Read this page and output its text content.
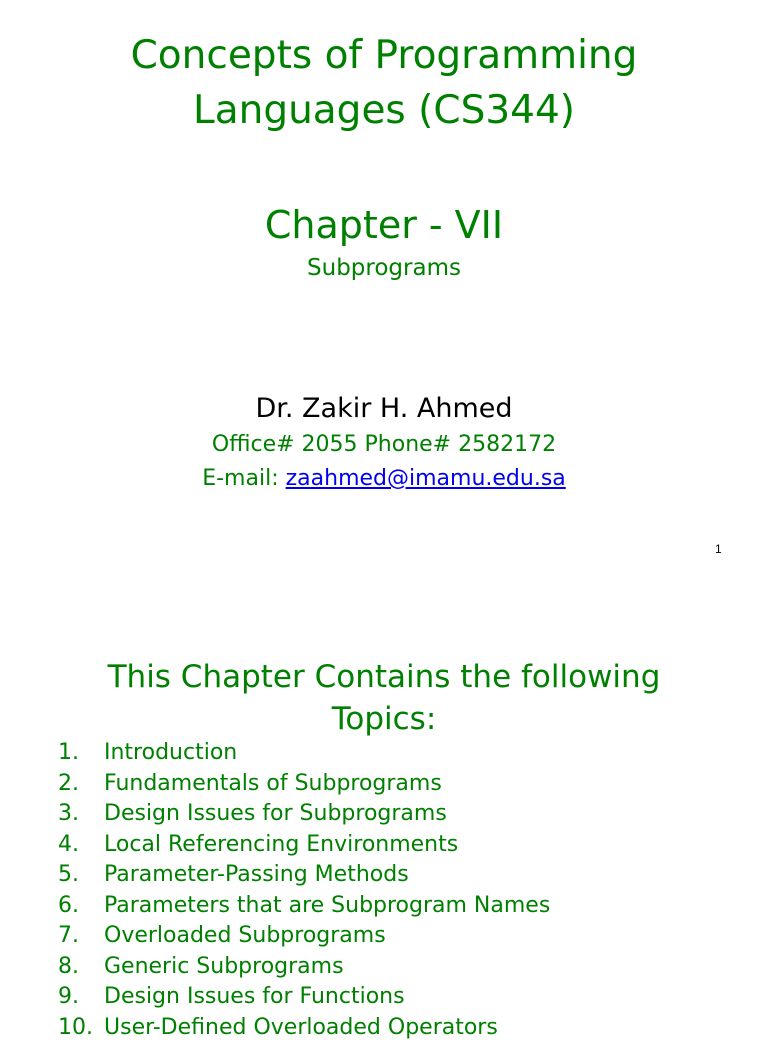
Concepts of Programming
Languages (CS344)
Chapter - VII
Subprograms
Dr. Zakir H. Ahmed
Office# 2055 Phone# 2582172
E-mail: zaahmed@imamu.edu.sa
1
This Chapter Contains the following
Topics:
1. Introduction
2. Fundamentals of Subprograms
3. Design Issues for Subprograms
4. Local Referencing Environments
5. Parameter-Passing Methods
6. Parameters that are Subprogram Names
7. Overloaded Subprograms
8. Generic Subprograms
9. Design Issues for Functions
10. User-Defined Overloaded Operators
